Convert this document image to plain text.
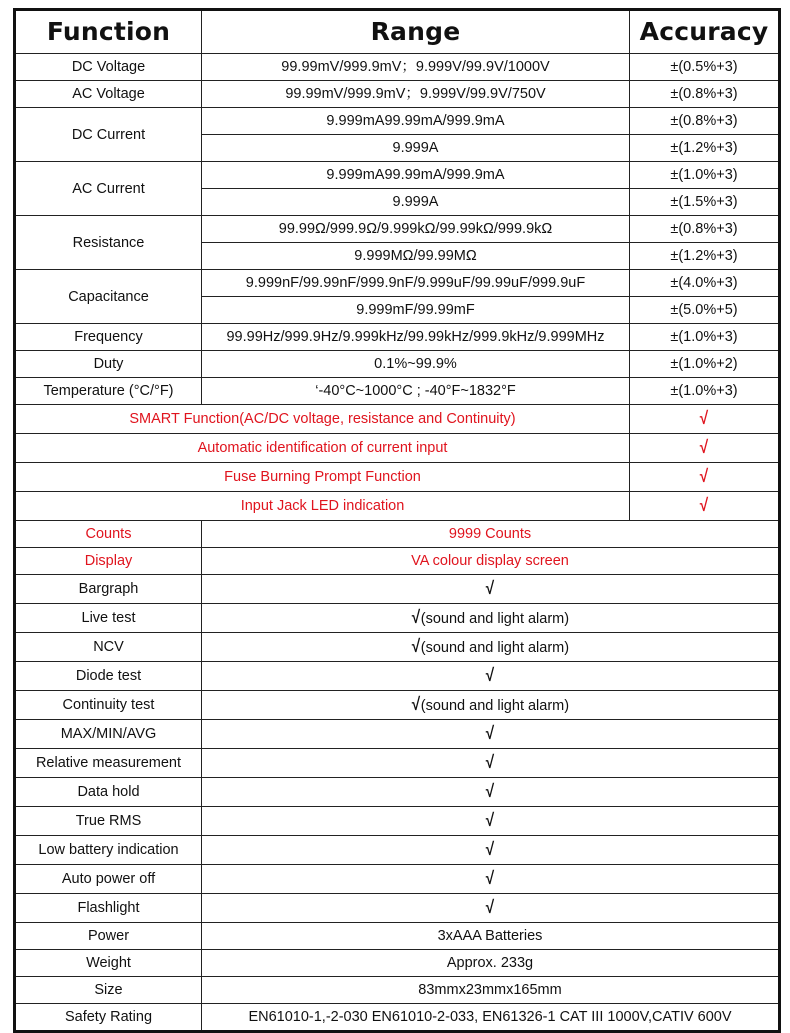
Function	Range	Accuracy
DC Voltage	99.99mV/999.9mV；9.999V/99.9V/1000V	±(0.5%+3)
AC Voltage	99.99mV/999.9mV；9.999V/99.9V/750V	±(0.8%+3)
DC Current	9.999mA99.99mA/999.9mA	±(0.8%+3)
	9.999A	±(1.2%+3)
AC Current	9.999mA99.99mA/999.9mA	±(1.0%+3)
	9.999A	±(1.5%+3)
Resistance	99.99Ω/999.9Ω/9.999kΩ/99.99kΩ/999.9kΩ	±(0.8%+3)
	9.999MΩ/99.99MΩ	±(1.2%+3)
Capacitance	9.999nF/99.99nF/999.9nF/9.999uF/99.99uF/999.9uF	±(4.0%+3)
	9.999mF/99.99mF	±(5.0%+5)
Frequency	99.99Hz/999.9Hz/9.999kHz/99.99kHz/999.9kHz/9.999MHz	±(1.0%+3)
Duty	0.1%~99.9%	±(1.0%+2)
Temperature (°C/°F)	‘-40°C~1000°C ; -40°F~1832°F	±(1.0%+3)
SMART Function(AC/DC voltage, resistance and Continuity)		√
Automatic identification of current input		√
Fuse Burning Prompt Function		√
Input Jack LED indication		√
Counts	9999 Counts	
Display	VA colour display screen	
Bargraph	√	
Live test	√(sound and light alarm)	
NCV	√(sound and light alarm)	
Diode test	√	
Continuity test	√(sound and light alarm)	
MAX/MIN/AVG	√	
Relative measurement	√	
Data hold	√	
True RMS	√	
Low battery indication	√	
Auto power off	√	
Flashlight	√	
Power	3xAAA Batteries	
Weight	Approx. 233g	
Size	83mmx23mmx165mm	
Safety Rating	EN61010-1,-2-030 EN61010-2-033, EN61326-1 CAT III 1000V,CATIV 600V	
